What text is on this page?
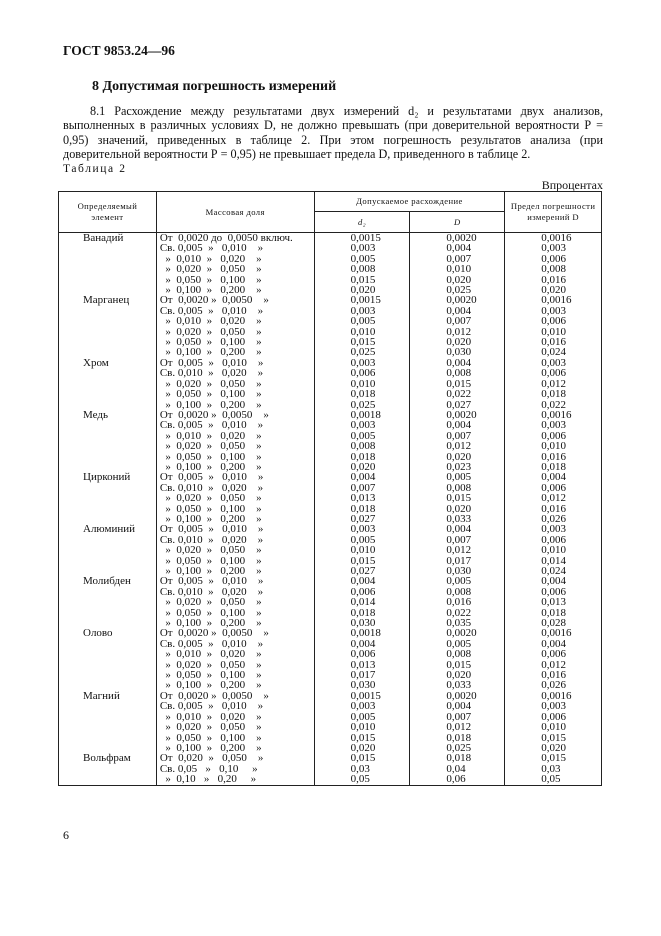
ГОСТ 9853.24—96
8 Допустимая погрешность измерений

8.1 Расхождение между результатами двух измерений d₂ и результатами двух анализов, выполненных в различных условиях D, не должно превышать (при доверительной вероятности Р = 0,95) значений, приведенных в таблице 2. При этом погрешность результатов анализа (при доверительной вероятности Р = 0,95) не превышает предела D, приведенного в таблице 2.

Таблица 2
Впроцентах
Определяемый элемент	Массовая доля	Допускаемое расхождение		Предел погрешности измерений D
		d₂	D	
Ванадий	От  0,0020 до  0,0050 включ.	0,0015	0,0020	0,0016
	Св. 0,005  »   0,010    »	0,003	0,004	0,003
	»  0,010  »   0,020    »	0,005	0,007	0,006
	»  0,020  »   0,050    »	0,008	0,010	0,008
	»  0,050  »   0,100    »	0,015	0,020	0,016
	»  0,100  »   0,200    »	0,020	0,025	0,020
Марганец	От  0,0020 »  0,0050    »	0,0015	0,0020	0,0016
	Св. 0,005  »   0,010    »	0,003	0,004	0,003
	»  0,010  »   0,020    »	0,005	0,007	0,006
	»  0,020  »   0,050    »	0,010	0,012	0,010
	»  0,050  »   0,100    »	0,015	0,020	0,016
	»  0,100  »   0,200    »	0,025	0,030	0,024
Хром	От  0,005  »   0,010    »	0,003	0,004	0,003
	Св. 0,010  »   0,020    »	0,006	0,008	0,006
	»  0,020  »   0,050    »	0,010	0,015	0,012
	»  0,050  »   0,100    »	0,018	0,022	0,018
	»  0,100  »   0,200    »	0,025	0,027	0,022
Медь	От  0,0020 »  0,0050    »	0,0018	0,0020	0,0016
	Св. 0,005  »   0,010    »	0,003	0,004	0,003
	»  0,010  »   0,020    »	0,005	0,007	0,006
	»  0,020  »   0,050    »	0,008	0,012	0,010
	»  0,050  »   0,100    »	0,018	0,020	0,016
	»  0,100  »   0,200    »	0,020	0,023	0,018
Цирконий	От  0,005  »   0,010    »	0,004	0,005	0,004
	Св. 0,010  »   0,020    »	0,007	0,008	0,006
	»  0,020  »   0,050    »	0,013	0,015	0,012
	»  0,050  »   0,100    »	0,018	0,020	0,016
	»  0,100  »   0,200    »	0,027	0,033	0,026
Алюминий	От  0,005  »   0,010    »	0,003	0,004	0,003
	Св. 0,010  »   0,020    »	0,005	0,007	0,006
	»  0,020  »   0,050    »	0,010	0,012	0,010
	»  0,050  »   0,100    »	0,015	0,017	0,014
	»  0,100  »   0,200    »	0,027	0,030	0,024
Молибден	От  0,005  »   0,010    »	0,004	0,005	0,004
	Св. 0,010  »   0,020    »	0,006	0,008	0,006
	»  0,020  »   0,050    »	0,014	0,016	0,013
	»  0,050  »   0,100    »	0,018	0,022	0,018
	»  0,100  »   0,200    »	0,030	0,035	0,028
Олово	От  0,0020 »  0,0050    »	0,0018	0,0020	0,0016
	Св. 0,005  »   0,010    »	0,004	0,005	0,004
	»  0,010  »   0,020    »	0,006	0,008	0,006
	»  0,020  »   0,050    »	0,013	0,015	0,012
	»  0,050  »   0,100    »	0,017	0,020	0,016
	»  0,100  »   0,200    »	0,030	0,033	0,026
Магний	От  0,0020 »  0,0050    »	0,0015	0,0020	0,0016
	Св. 0,005  »   0,010    »	0,003	0,004	0,003
	»  0,010  »   0,020    »	0,005	0,007	0,006
	»  0,020  »   0,050    »	0,010	0,012	0,010
	»  0,050  »   0,100    »	0,015	0,018	0,015
	»  0,100  »   0,200    »	0,020	0,025	0,020
Вольфрам	От  0,020  »   0,050    »	0,015	0,018	0,015
	Св. 0,05   »   0,10     »	0,03	0,04	0,03
	»  0,10   »   0,20     »	0,05	0,06	0,05
6
